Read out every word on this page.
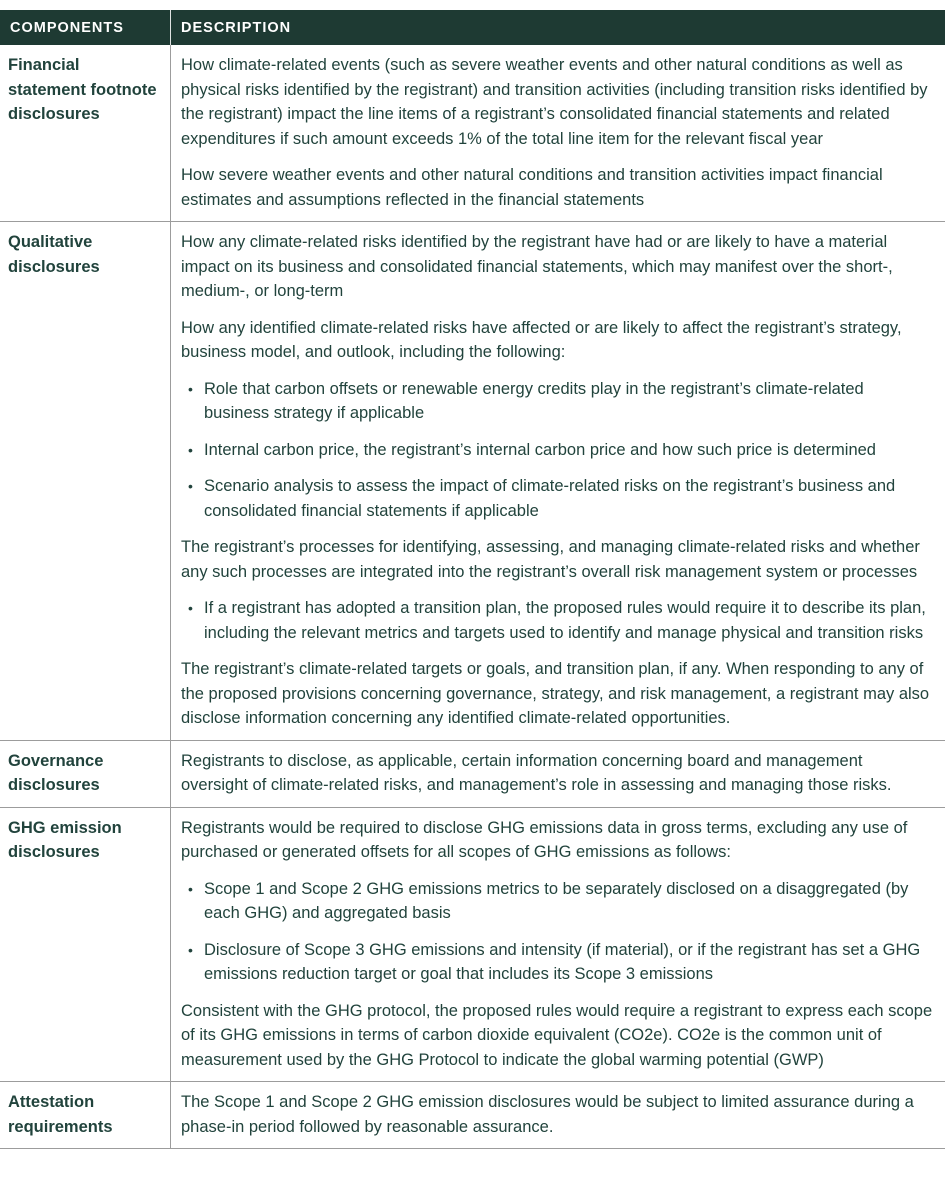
COMPONENTS	DESCRIPTION
Financial statement footnote disclosures

How climate-related events (such as severe weather events and other natural conditions as well as physical risks identified by the registrant) and transition activities (including transition risks identified by the registrant) impact the line items of a registrant’s consolidated financial statements and related expenditures if such amount exceeds 1% of the total line item for the relevant fiscal year

How severe weather events and other natural conditions and transition activities impact financial estimates and assumptions reflected in the financial statements

Qualitative disclosures

How any climate-related risks identified by the registrant have had or are likely to have a material impact on its business and consolidated financial statements, which may manifest over the short-, medium-, or long-term

How any identified climate-related risks have affected or are likely to affect the registrant’s strategy, business model, and outlook, including the following:

• Role that carbon offsets or renewable energy credits play in the registrant’s climate-related business strategy if applicable
• Internal carbon price, the registrant’s internal carbon price and how such price is determined
• Scenario analysis to assess the impact of climate-related risks on the registrant’s business and consolidated financial statements if applicable

The registrant’s processes for identifying, assessing, and managing climate-related risks and whether any such processes are integrated into the registrant’s overall risk management system or processes

• If a registrant has adopted a transition plan, the proposed rules would require it to describe its plan, including the relevant metrics and targets used to identify and manage physical and transition risks

The registrant’s climate-related targets or goals, and transition plan, if any. When responding to any of the proposed provisions concerning governance, strategy, and risk management, a registrant may also disclose information concerning any identified climate-related opportunities.

Governance disclosures

Registrants to disclose, as applicable, certain information concerning board and management oversight of climate-related risks, and management’s role in assessing and managing those risks.

GHG emission disclosures

Registrants would be required to disclose GHG emissions data in gross terms, excluding any use of purchased or generated offsets for all scopes of GHG emissions as follows:

• Scope 1 and Scope 2 GHG emissions metrics to be separately disclosed on a disaggregated (by each GHG) and aggregated basis
• Disclosure of Scope 3 GHG emissions and intensity (if material), or if the registrant has set a GHG emissions reduction target or goal that includes its Scope 3 emissions

Consistent with the GHG protocol, the proposed rules would require a registrant to express each scope of its GHG emissions in terms of carbon dioxide equivalent (CO2e). CO2e is the common unit of measurement used by the GHG Protocol to indicate the global warming potential (GWP)

Attestation requirements

The Scope 1 and Scope 2 GHG emission disclosures would be subject to limited assurance during a phase-in period followed by reasonable assurance.
